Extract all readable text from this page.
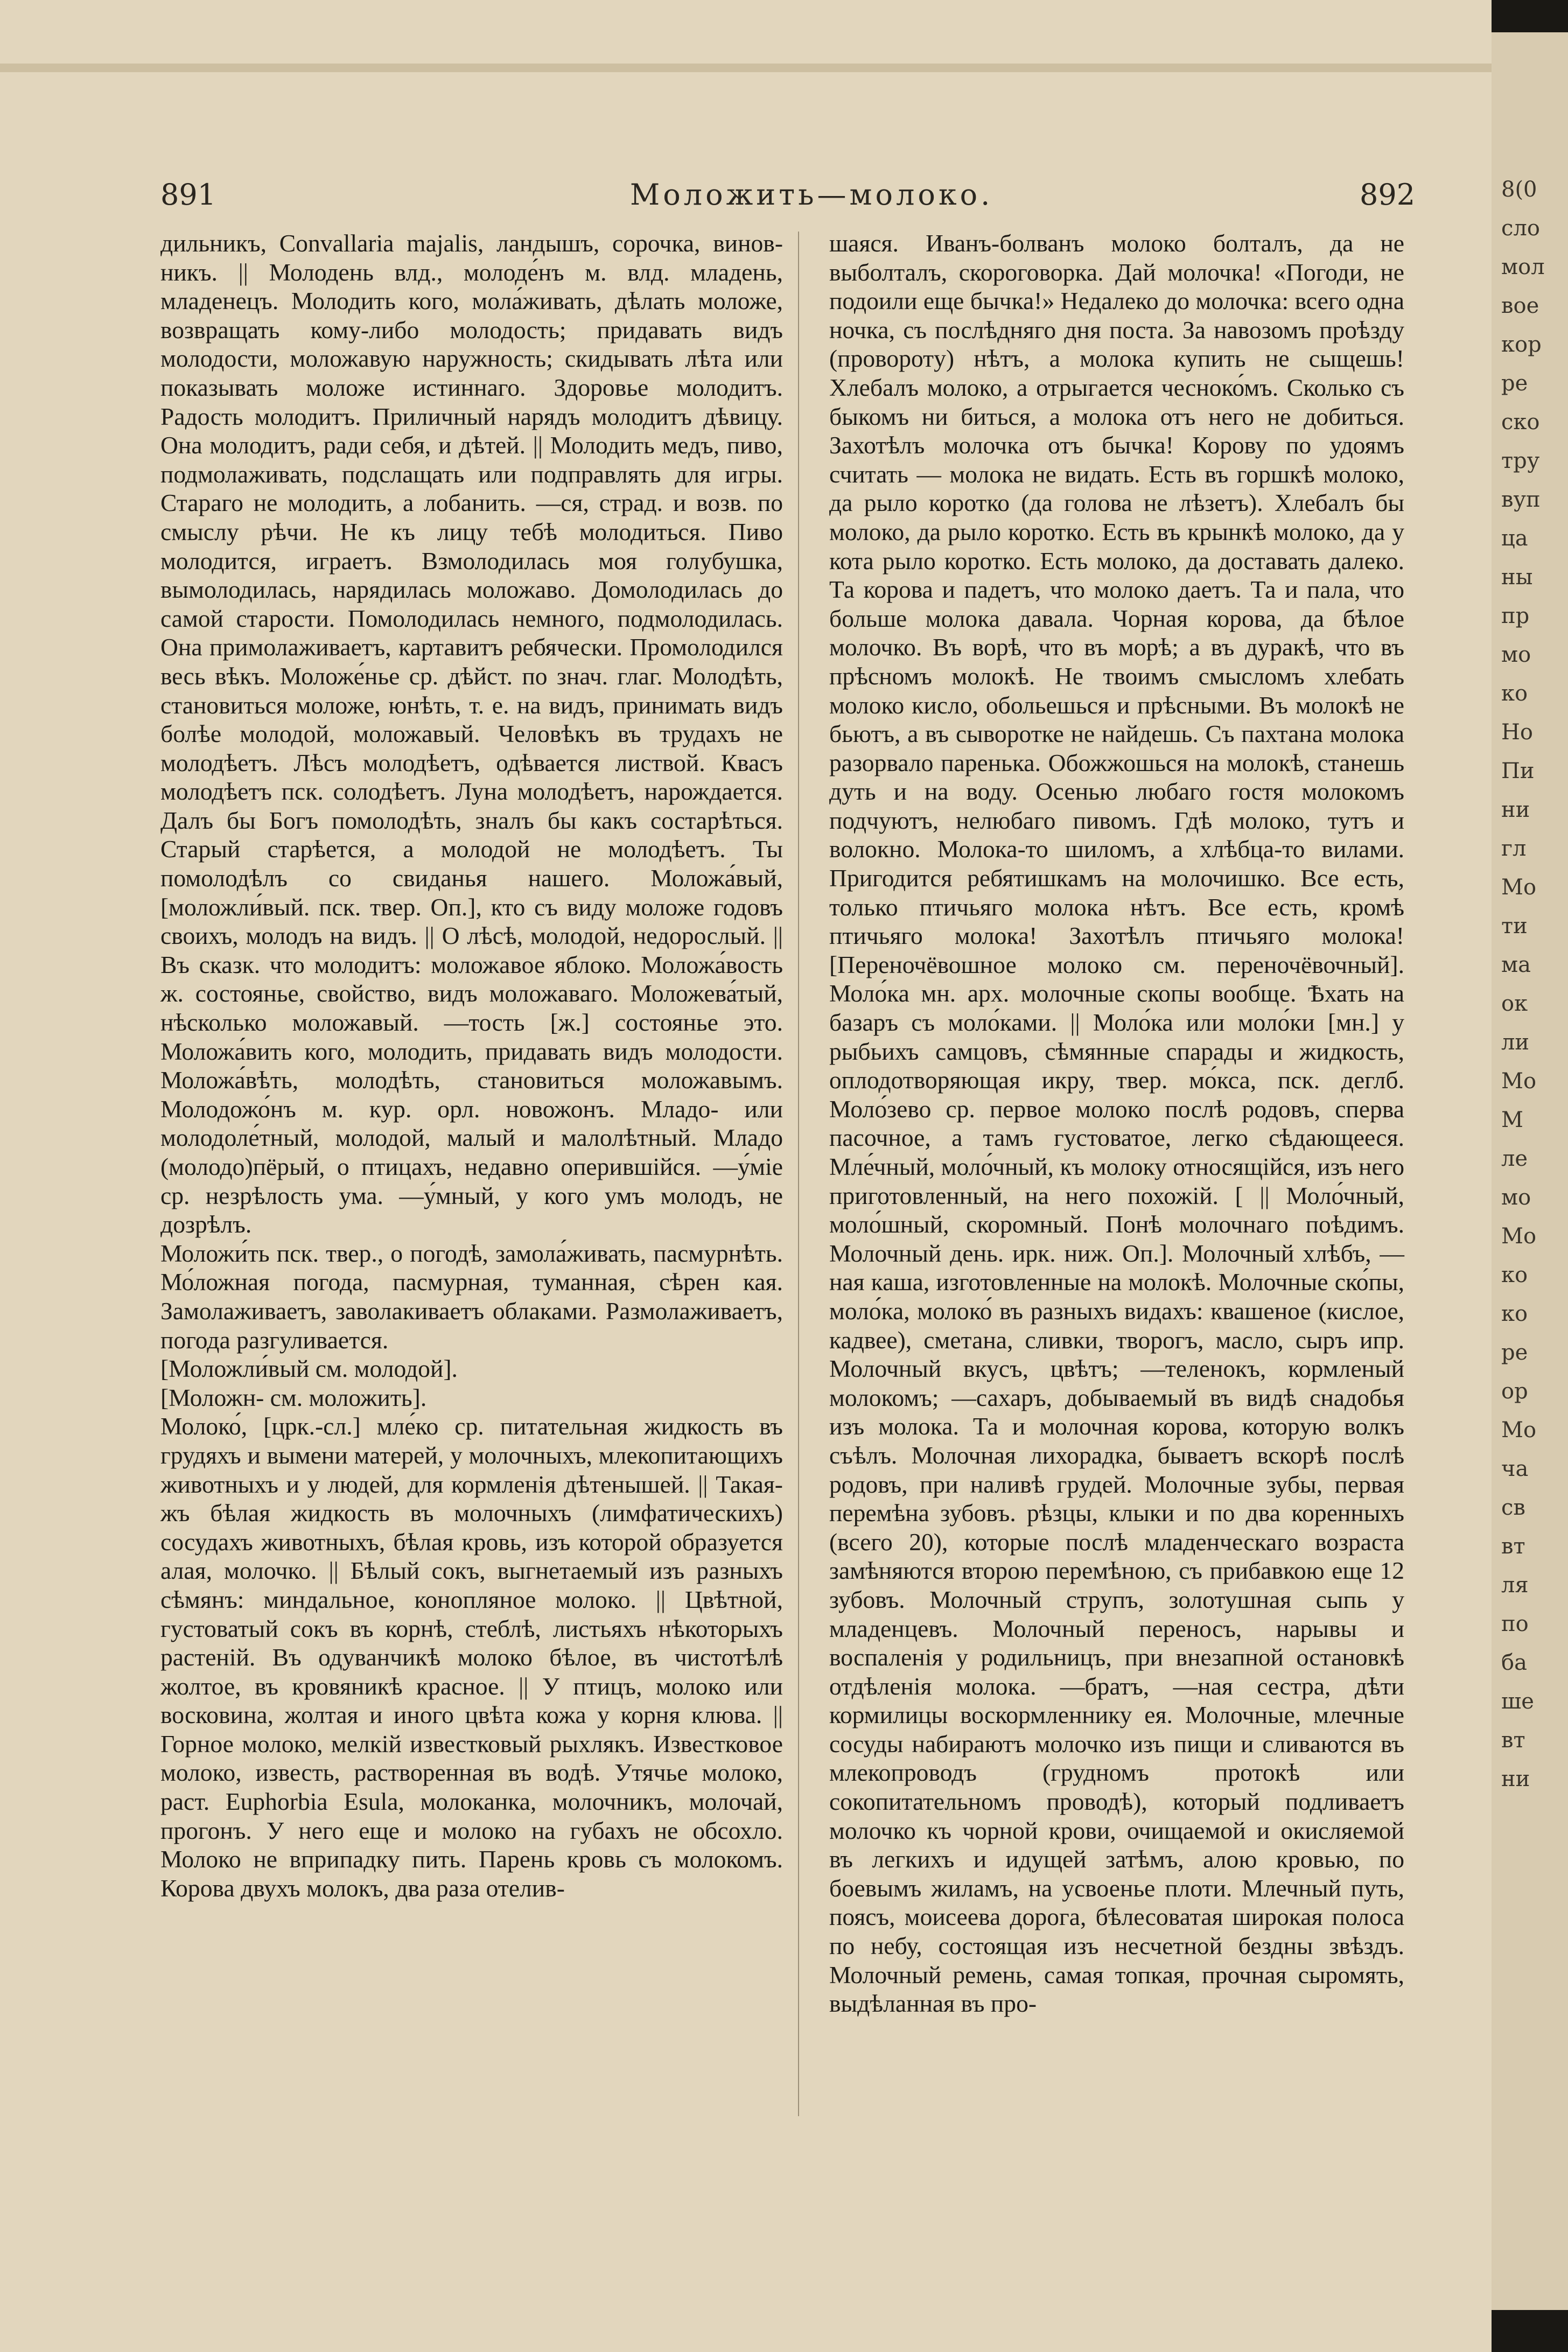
891	Моложить—молоко.	892

дильникъ, Convallaria majalis, ландышъ, сорочка, виновникъ. || Молодень влд., молоде́нъ м. влд. младень, младенецъ. Молодить кого, мола́живать, дѣлать моложе, возвращать кому-либо молодость; придавать видъ молодости, моложавую наружность; скидывать лѣта или показывать моложе истиннаго. Здоровье молодитъ. Радость молодитъ. Приличный нарядъ молодитъ дѣвицу. Она молодитъ, ради себя, и дѣтей. || Молодить медъ, пиво, подмолаживать, подслащать или подправлять для игры. Стараго не молодить, а лобанить. —ся, страд. и возв. по смыслу рѣчи. Не къ лицу тебѣ молодиться. Пиво молодится, играетъ. Взмолодилась моя голубушка, вымолодилась, нарядилась моложаво. Домолодилась до самой старости. Помолодилась немного, подмолодилась. Она примолаживаетъ, картавитъ ребячески. Промолодился весь вѣкъ. Моложе́нье ср. дѣйст. по знач. глаг. Молодѣть, становиться моложе, юнѣть, т. е. на видъ, принимать видъ болѣе молодой, моложавый. Человѣкъ въ трудахъ не молодѣетъ. Лѣсъ молодѣетъ, одѣвается листвой. Квасъ молодѣетъ пск. солодѣетъ. Луна молодѣетъ, нарождается. Далъ бы Богъ помолодѣть, зналъ бы какъ состарѣться. Старый старѣется, а молодой не молодѣетъ. Ты помолодѣлъ со свиданья нашего. Моложа́вый, [моложли́вый. пск. твер. Оп.], кто съ виду моложе годовъ своихъ, молодъ на видъ. || О лѣсѣ, молодой, недорослый. || Въ сказк. что молодитъ: моложавое яблоко. Моложа́вость ж. состоянье, свойство, видъ моложаваго. Моложева́тый, нѣсколько моложавый. —тость [ж.] состоянье это. Моложа́вить кого, молодить, придавать видъ молодости. Моложа́вѣть, молодѣть, становиться моложавымъ. Молодожо́нъ м. кур. орл. новожонъ. Младо- или молодоле́тный, молодой, малый и малолѣтный. Младо (молодо)пёрый, о птицахъ, недавно оперившійся. —у́міе ср. незрѣлость ума. —у́мный, у кого умъ молодъ, не дозрѣлъ.

Моложи́ть пск. твер., о погодѣ, замола́живать, пасмурнѣть. Мо́ложная погода, пасмурная, туманная, сѣрен кая. Замолаживаетъ, заволакиваетъ облаками. Размолаживаетъ, погода разгуливается.

[Моложли́вый см. молодой].

[Моложн- см. моложить].

Молоко́, [црк.-сл.] мле́ко ср. питательная жидкость въ грудяхъ и вымени матерей, у молочныхъ, млекопитающихъ животныхъ и у людей, для кормленія дѣтенышей. || Такая-жъ бѣлая жидкость въ молочныхъ (лимфатическихъ) сосудахъ животныхъ, бѣлая кровь, изъ которой образуется алая, молочко. || Бѣлый сокъ, выгнетаемый изъ разныхъ сѣмянъ: миндальное, конопляное молоко. || Цвѣтной, густоватый сокъ въ корнѣ, стеблѣ, листьяхъ нѣкоторыхъ растеній. Въ одуванчикѣ молоко бѣлое, въ чистотѣлѣ жолтое, въ кровяникѣ красное. || У птицъ, молоко или восковина, жолтая и иного цвѣта кожа у корня клюва. || Горное молоко, мелкій известковый рыхлякъ. Известковое молоко, известь, растворенная въ водѣ. Утячье молоко, раст. Euphorbia Esula, молоканка, молочникъ, молочай, прогонъ. У него еще и молоко на губахъ не обсохло. Молоко не вприпадку пить. Парень кровь съ молокомъ. Корова двухъ молокъ, два раза отелив-

шаяся. Иванъ-болванъ молоко болталъ, да не выболталъ, скороговорка. Дай молочка! «Погоди, не подоили еще бычка!» Недалеко до молочка: всего одна ночка, съ послѣдняго дня поста. За навозомъ проѣзду (проворотy) нѣтъ, а молока купить не сыщешь! Хлебалъ молоко, а отрыгается чесноко́мъ. Сколько съ быкомъ ни биться, а молока отъ него не добиться. Захотѣлъ молочка отъ бычка! Корову по удоямъ считать — молока не видать. Есть въ горшкѣ молоко, да рыло коротко (да голова не лѣзетъ). Хлебалъ бы молоко, да рыло коротко. Есть въ крынкѣ молоко, да у кота рыло коротко. Есть молоко, да доставать далеко. Та корова и падетъ, что молоко даетъ. Та и пала, что больше молока давала. Чорная корова, да бѣлое молочко. Въ ворѣ, что въ морѣ; а въ дуракѣ, что въ прѣсномъ молокѣ. Не твоимъ смысломъ хлебать молоко кисло, обольешься и прѣсными. Въ молокѣ не бьютъ, а въ сыворотке не найдешь. Съ пахтана молока разорвало паренька. Обожжошься на молокѣ, станешь дуть и на воду. Осенью любаго гостя молокомъ подчуютъ, нелюбаго пивомъ. Гдѣ молоко, тутъ и волокно. Молока-то шиломъ, а хлѣбца-то вилами. Пригодится ребятишкамъ на молочишко. Все есть, только птичьяго молока нѣтъ. Все есть, кромѣ птичьяго молока! Захотѣлъ птичьяго молока! [Переночёвошное молоко см. переночёвочный]. Моло́ка мн. арх. молочные скопы вообще. Ѣхать на базаръ съ моло́ками. || Моло́ка или моло́ки [мн.] у рыбьихъ самцовъ, сѣмянные спарады и жидкость, оплодотворяющая икру, твер. мо́кса, пск. деглб. Моло́зево ср. первое молоко послѣ родовъ, сперва пасочное, а тамъ густоватое, легко сѣдающееся. Мле́чный, моло́чный, къ молоку относящійся, изъ него приготовленный, на него похожій. [ || Моло́чный, моло́шный, скоромный. Понѣ молочнаго поѣдимъ. Молочный день. ирк. ниж. Оп.]. Молочный хлѣбъ, —ная каша, изготовленные на молокѣ. Молочные ско́пы, моло́ка, молоко́ въ разныхъ видахъ: квашеное (кислое, кадвее), сметана, сливки, творогъ, масло, сыръ ипр. Молочный вкусъ, цвѣтъ; —теленокъ, кормленый молокомъ; —сахаръ, добываемый въ видѣ снадобья изъ молока. Та и молочная корова, которую волкъ съѣлъ. Молочная лихорадка, бываетъ вскорѣ послѣ родовъ, при наливѣ грудей. Молочные зубы, первая перемѣна зубовъ. рѣзцы, клыки и по два коренныхъ (всего 20), которые послѣ младенческаго возраста замѣняются второю перемѣною, съ прибавкою еще 12 зубовъ. Молочный струпъ, золотушная сыпь у младенцевъ. Молочный переносъ, нарывы и воспаленія у родильницъ, при внезапной остановкѣ отдѣленія молока. —братъ, —ная сестра, дѣти кормилицы воскормленнику ея. Молочные, млечные сосуды набираютъ молочко изъ пищи и сливаются въ млекопроводъ (грудномъ протокѣ или сокопитательномъ проводѣ), который подливаетъ молочко къ чорной крови, очищаемой и окисляемой въ легкихъ и идущей затѣмъ, алою кровью, по боевымъ жиламъ, на усвоенье плоти. Млечный путь, поясъ, моисеева дорога, бѣлесоватая широкая полоса по небу, состоящая изъ несчетной бездны звѣздъ. Молочный ремень, самая топкая, прочная сыромять, выдѣланная въ про-

8(0
сло
мол
вое
кор
ре
ско
тру
вуп
ца
ны
пр
мо
ко
Но
Пи
ни
гл
Мо
ти
ма
ок
ли
Мо
М
ле
мо
Мо
ко
ко
ре
ор
Мо
ча
св
вт
ля
по
ба
ше
вт
ни
